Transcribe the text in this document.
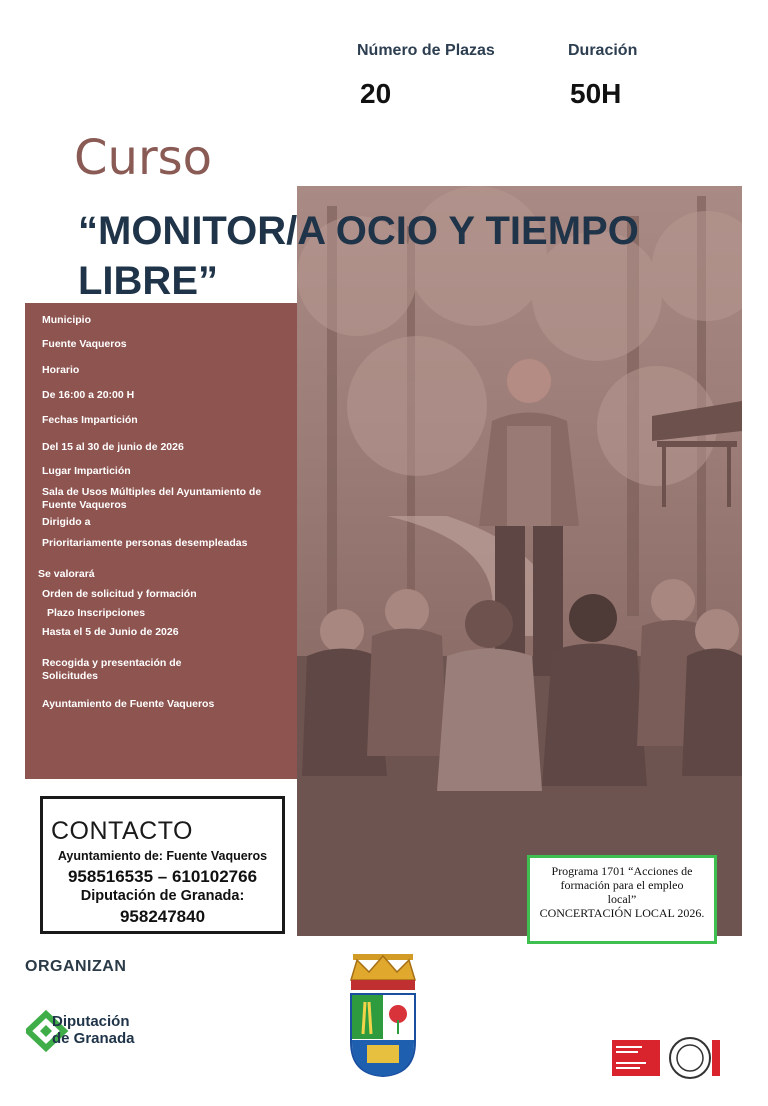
Número de Plazas
20
Duración
50H
Curso
“MONITOR/A OCIO Y TIEMPO
LIBRE”
Municipio
Fuente Vaqueros
Horario
De 16:00 a 20:00 H
Fechas Impartición
Del 15 al 30 de junio de 2026
Lugar Impartición
Sala de Usos Múltiples del Ayuntamiento de
Fuente Vaqueros
Dirigido a
Prioritariamente personas desempleadas
Se valorará
Orden de solicitud y formación
Plazo Inscripciones
Hasta el 5 de Junio de 2026
Recogida y presentación de
Solicitudes
Ayuntamiento de Fuente Vaqueros
CONTACTO
Ayuntamiento de: Fuente Vaqueros
958516535 – 610102766
Diputación de Granada:
958247840
Programa 1701 “Acciones de
formación para el empleo
local”
CONCERTACIÓN LOCAL 2026.
ORGANIZAN
Diputación
de Granada
